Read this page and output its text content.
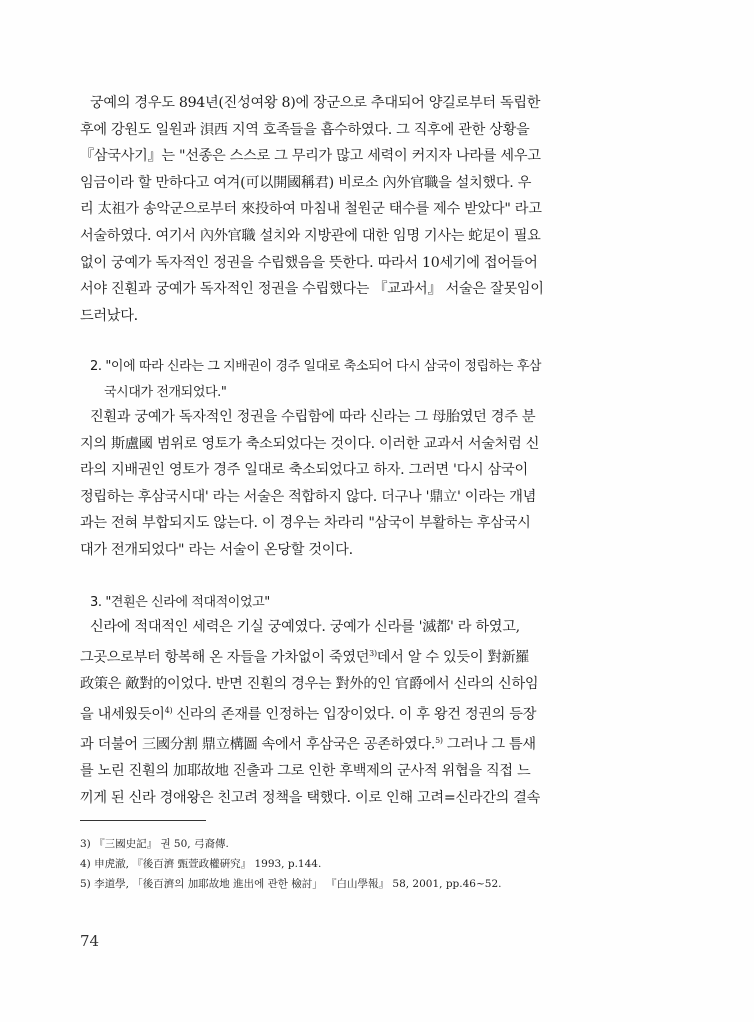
궁예의 경우도 894년(진성여왕 8)에 장군으로 추대되어 양길로부터 독립한
후에 강원도 일원과 浿西 지역 호족들을 흡수하였다. 그 직후에 관한 상황을
『삼국사기』는 "선종은 스스로 그 무리가 많고 세력이 커지자 나라를 세우고
임금이라 할 만하다고 여겨(可以開國稱君) 비로소 內外官職을 설치했다. 우
리 太祖가 송악군으로부터 來投하여 마침내 철원군 태수를 제수 받았다" 라고
서술하였다. 여기서 內外官職 설치와 지방관에 대한 임명 기사는 蛇足이 필요
없이 궁예가 독자적인 정권을 수립했음을 뜻한다. 따라서 10세기에 접어들어
서야 진훤과 궁예가 독자적인 정권을 수립했다는 『교과서』 서술은 잘못임이
드러났다.

2. "이에 따라 신라는 그 지배권이 경주 일대로 축소되어 다시 삼국이 정립하는 후삼
국시대가 전개되었다."

진훤과 궁예가 독자적인 정권을 수립함에 따라 신라는 그 母胎였던 경주 분
지의 斯盧國 범위로 영토가 축소되었다는 것이다. 이러한 교과서 서술처럼 신
라의 지배권인 영토가 경주 일대로 축소되었다고 하자. 그러면 '다시 삼국이
정립하는 후삼국시대' 라는 서술은 적합하지 않다. 더구나 '鼎立' 이라는 개념
과는 전혀 부합되지도 않는다. 이 경우는 차라리 "삼국이 부활하는 후삼국시
대가 전개되었다" 라는 서술이 온당할 것이다.

3. "견훤은 신라에 적대적이었고"

신라에 적대적인 세력은 기실 궁예였다. 궁예가 신라를 '滅都' 라 하였고,
그곳으로부터 항복해 온 자들을 가차없이 죽였던$^{3)}$데서 알 수 있듯이 對新羅
政策은 敵對的이었다. 반면 진훤의 경우는 對外的인 官爵에서 신라의 신하임
을 내세웠듯이$^{4)}$ 신라의 존재를 인정하는 입장이었다. 이 후 왕건 정권의 등장
과 더불어 三國分割 鼎立構圖 속에서 후삼국은 공존하였다.$^{5)}$ 그러나 그 틈새
를 노린 진훤의 加耶故地 진출과 그로 인한 후백제의 군사적 위협을 직접 느
끼게 된 신라 경애왕은 친고려 정책을 택했다. 이로 인해 고려=신라간의 결속

3) 『三國史記』 권 50, 弓裔傳.
4) 申虎澈, 『後百濟 甄萱政權硏究』 1993, p.144.
5) 李道學, 「後百濟의 加耶故地 進出에 관한 檢討」 『白山學報』 58, 2001, pp.46~52.
74
